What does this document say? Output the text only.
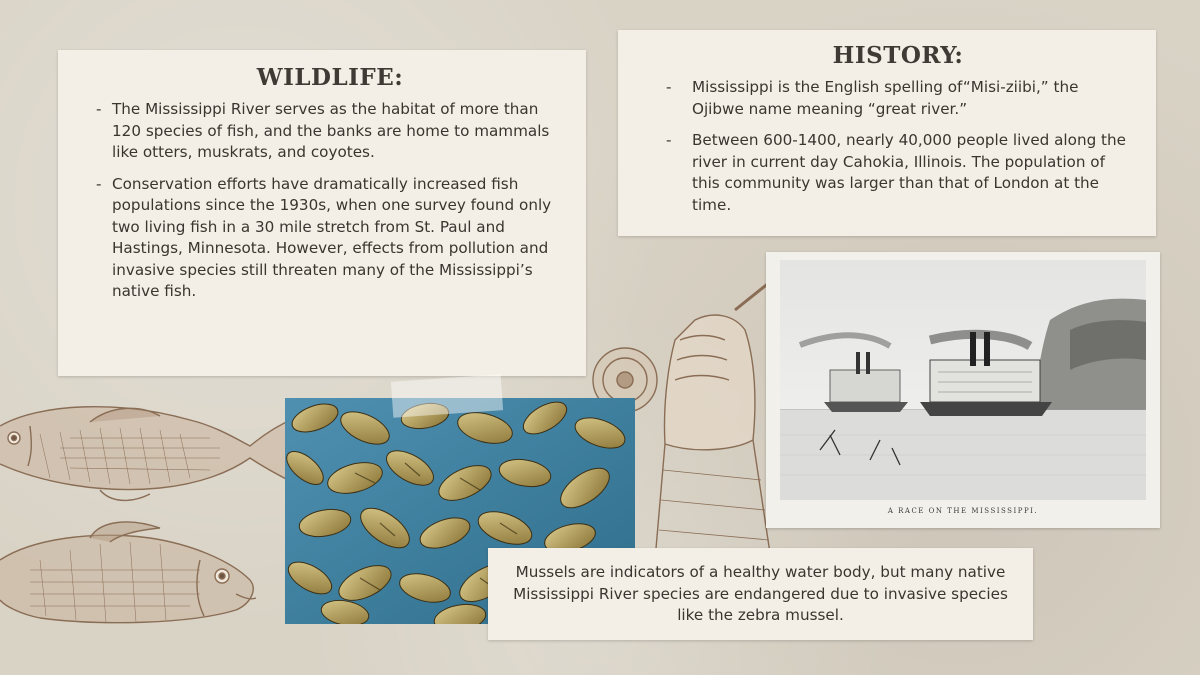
WILDLIFE:
- The Mississippi River serves as the habitat of more than 120 species of fish, and the banks are home to mammals like otters, muskrats, and coyotes.
- Conservation efforts have dramatically increased fish populations since the 1930s, when one survey found only two living fish in a 30 mile stretch from St. Paul and Hastings, Minnesota. However, effects from pollution and invasive species still threaten many of the Mississippi’s native fish.
HISTORY:
- Mississippi is the English spelling of“Misi-ziibi,” the Ojibwe name meaning “great river.”
- Between 600-1400, nearly 40,000 people lived along the river in current day Cahokia, Illinois. The population of this community was larger than that of London at the time.
A RACE ON THE MISSISSIPPI.
Mussels are indicators of a healthy water body, but many native Mississippi River species are endangered due to invasive species like the zebra mussel.
